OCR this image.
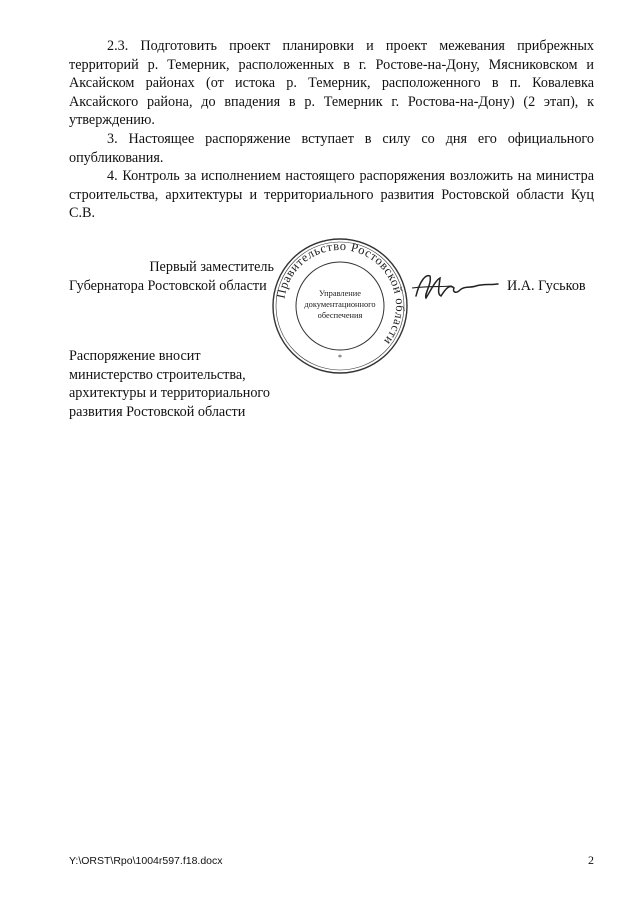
2.3. Подготовить проект планировки и проект межевания прибрежных территорий р. Темерник, расположенных в г. Ростове-на-Дону, Мясниковском и Аксайском районах (от истока р. Темерник, расположенного в п. Ковалевка Аксайского района, до впадения в р. Темерник г. Ростова-на-Дону) (2 этап), к утверждению.

3. Настоящее распоряжение вступает в силу со дня его официального опубликования.

4. Контроль за исполнением настоящего распоряжения возложить на министра строительства, архитектуры и территориального развития Ростовской области Куц С.В.

Первый заместитель
Губернатора Ростовской области Правительство Ростовской области
Управление
документационного
обеспечения
*
И.А. Гуськов
Распоряжение вносит
министерство строительства,
архитектуры и территориального
развития Ростовской области
Y:\ORST\Rpo\1004r597.f18.docx	2
